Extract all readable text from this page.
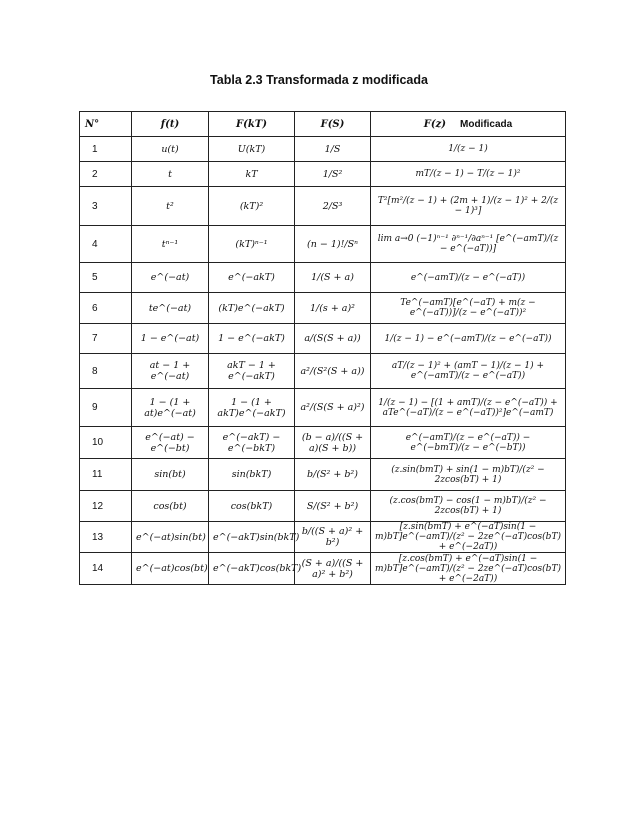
Tabla 2.3 Transformada z modificada
N°	f(t)	F(kT)	F(S)	F(z) Modificada
1	u(t)	U(kT)	1/S	1/(z − 1)
2	t	kT	1/S²	mT/(z − 1) − T/(z − 1)²
3	t²	(kT)²	2/S³	T²[m²/(z − 1) + (2m + 1)/(z − 1)² + 2/(z − 1)³]
4	tⁿ⁻¹	(kT)ⁿ⁻¹	(n − 1)!/Sⁿ	lim a→0 (−1)ⁿ⁻¹ ∂ⁿ⁻¹/∂aⁿ⁻¹ [e^(−amT)/(z − e^(−aT))]
5	e^(−at)	e^(−akT)	1/(S + a)	e^(−amT)/(z − e^(−aT))
6	te^(−at)	(kT)e^(−akT)	1/(s + a)²	Te^(−amT)[e^(−aT) + m(z − e^(−aT))]/(z − e^(−aT))²
7	1 − e^(−at)	1 − e^(−akT)	a/(S(S + a))	1/(z − 1) − e^(−amT)/(z − e^(−aT))
8	at − 1 + e^(−at)	akT − 1 + e^(−akT)	a²/(S²(S + a))	aT/(z − 1)² + (amT − 1)/(z − 1) + e^(−amT)/(z − e^(−aT))
9	1 − (1 + at)e^(−at)	1 − (1 + akT)e^(−akT)	a²/(S(S + a)²)	1/(z − 1) − [(1 + amT)/(z − e^(−aT)) + aTe^(−aT)/(z − e^(−aT))²]e^(−amT)
10	e^(−at) − e^(−bt)	e^(−akT) − e^(−bkT)	(b − a)/((S + a)(S + b))	e^(−amT)/(z − e^(−aT)) − e^(−bmT)/(z − e^(−bT))
11	sin(bt)	sin(bkT)	b/(S² + b²)	(z.sin(bmT) + sin(1 − m)bT)/(z² − 2zcos(bT) + 1)
12	cos(bt)	cos(bkT)	S/(S² + b²)	(z.cos(bmT) − cos(1 − m)bT)/(z² − 2zcos(bT) + 1)
13	e^(−at)sin(bt)	e^(−akT)sin(bkT)	b/((S + a)² + b²)	[z.sin(bmT) + e^(−aT)sin(1 − m)bT]e^(−amT)/(z² − 2ze^(−aT)cos(bT) + e^(−2aT))
14	e^(−at)cos(bt)	e^(−akT)cos(bkT)	(S + a)/((S + a)² + b²)	[z.cos(bmT) + e^(−aT)sin(1 − m)bT]e^(−amT)/(z² − 2ze^(−aT)cos(bT) + e^(−2aT))
